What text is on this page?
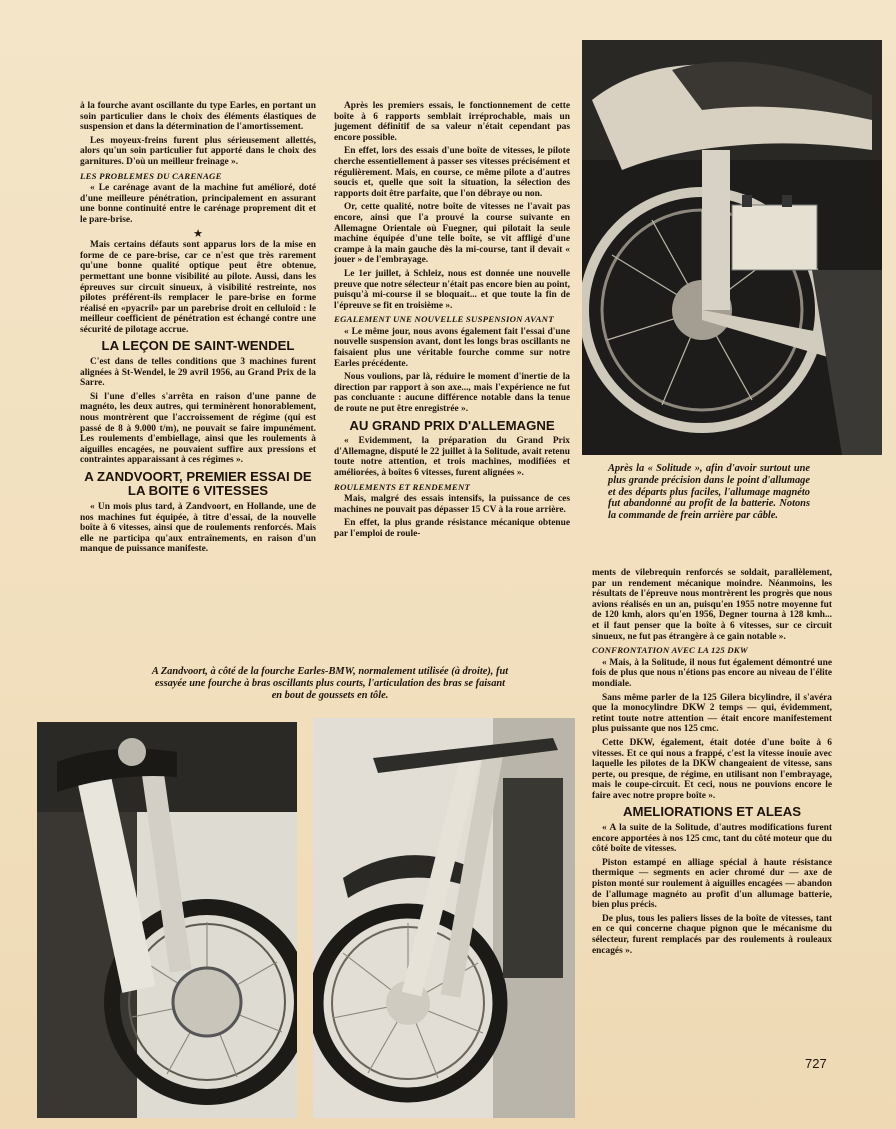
à la fourche avant oscillante du type Earles, en portant un soin particulier dans le choix des éléments élastiques de suspension et dans la détermination de l'amortissement.

Les moyeux-freins furent plus sérieusement allettés, alors qu'un soin particulier fut apporté dans le choix des garnitures. D'où un meilleur freinage ».

LES PROBLEMES DU CARENAGE

« Le carénage avant de la machine fut amélioré, doté d'une meilleure pénétration, principalement en assurant une bonne continuité entre le carénage proprement dit et le pare-brise.

★

Mais certains défauts sont apparus lors de la mise en forme de ce pare-brise, car ce n'est que très rarement qu'une bonne qualité optique peut être obtenue, permettant une bonne visibilité au pilote. Aussi, dans les épreuves sur circuit sinueux, à visibilité restreinte, nos pilotes préférent-ils remplacer le pare-brise en forme réalisé en «pyacril» par un parebrise droit en celluloïd : le meilleur coefficient de pénétration est échangé contre une sécurité de pilotage accrue.

LA LEÇON DE SAINT-WENDEL

C'est dans de telles conditions que 3 machines furent alignées à St-Wendel, le 29 avril 1956, au Grand Prix de la Sarre.

Si l'une d'elles s'arrêta en raison d'une panne de magnéto, les deux autres, qui terminèrent honorablement, nous montrèrent que l'accroissement de régime (qui est passé de 8 à 9.000 t/m), ne pouvait se faire impunément. Les roulements d'embiellage, ainsi que les roulements à aiguilles encagées, ne pouvaient suffire aux pressions et contraintes apparaissant à ces régimes ».

A ZANDVOORT, PREMIER ESSAI DE LA BOITE 6 VITESSES

« Un mois plus tard, à Zandvoort, en Hollande, une de nos machines fut équipée, à titre d'essai, de la nouvelle boîte à 6 vitesses, ainsi que de roulements renforcés. Mais elle ne participa qu'aux entraînements, en raison d'un manque de puissance manifeste.

Après les premiers essais, le fonctionnement de cette boîte à 6 rapports semblait irréprochable, mais un jugement définitif de sa valeur n'était cependant pas encore possible.

En effet, lors des essais d'une boîte de vitesses, le pilote cherche essentiellement à passer ses vitesses précisément et régulièrement. Mais, en course, ce même pilote a d'autres soucis et, quelle que soit la situation, la sélection des rapports doit être parfaite, que l'on débraye ou non.

Or, cette qualité, notre boîte de vitesses ne l'avait pas encore, ainsi que l'a prouvé la course suivante en Allemagne Orientale où Fuegner, qui pilotait la seule machine équipée d'une telle boîte, se vit affligé d'une crampe à la main gauche dès la mi-course, tant il devait « jouer » de l'embrayage.

Le 1er juillet, à Schleiz, nous est donnée une nouvelle preuve que notre sélecteur n'était pas encore bien au point, puisqu'à mi-course il se bloquait... et que toute la fin de l'épreuve se fit en troisième ».

EGALEMENT UNE NOUVELLE SUSPENSION AVANT

« Le même jour, nous avons également fait l'essai d'une nouvelle suspension avant, dont les longs bras oscillants ne faisaient plus une véritable fourche comme sur notre Earles précédente.

Nous voulions, par là, réduire le moment d'inertie de la direction par rapport à son axe..., mais l'expérience ne fut pas concluante : aucune différence notable dans la tenue de route ne put être enregistrée ».

AU GRAND PRIX D'ALLEMAGNE

« Evidemment, la préparation du Grand Prix d'Allemagne, disputé le 22 juillet à la Solitude, avait retenu toute notre attention, et trois machines, modifiées et améliorées, à boîtes 6 vitesses, furent alignées ».

ROULEMENTS ET RENDEMENT

Mais, malgré des essais intensifs, la puissance de ces machines ne pouvait pas dépasser 15 CV à la roue arrière.

En effet, la plus grande résistance mécanique obtenue par l'emploi de roule-

Après la « Solitude », afin d'avoir surtout une plus grande précision dans le point d'allumage et des départs plus faciles, l'allumage magnéto fut abandonné au profit de la batterie. Notons la commande de frein arrière par câble.

ments de vilebrequin renforcés se soldait, parallèlement, par un rendement mécanique moindre. Néanmoins, les résultats de l'épreuve nous montrèrent les progrès que nous avions réalisés en un an, puisqu'en 1955 notre moyenne fut de 120 kmh, alors qu'en 1956, Degner tourna à 128 kmh... et il faut penser que la boîte à 6 vitesses, sur ce circuit sinueux, ne fut pas étrangère à ce gain notable ».

CONFRONTATION AVEC LA 125 DKW

« Mais, à la Solitude, il nous fut également démontré une fois de plus que nous n'étions pas encore au niveau de l'élite mondiale.

Sans même parler de la 125 Gilera bicylindre, il s'avéra que la monocylindre DKW 2 temps — qui, évidemment, retint toute notre attention — était encore manifestement plus puissante que nos 125 cmc.

Cette DKW, également, était dotée d'une boîte à 6 vitesses. Et ce qui nous a frappé, c'est la vitesse inouïe avec laquelle les pilotes de la DKW changeaient de vitesse, sans perte, ou presque, de régime, en utilisant non l'embrayage, mais le coupe-circuit. Et ceci, nous ne pouvions encore le faire avec notre propre boîte ».

AMELIORATIONS ET ALEAS

« A la suite de la Solitude, d'autres modifications furent encore apportées à nos 125 cmc, tant du côté moteur que du côté boîte de vitesses.

Piston estampé en alliage spécial à haute résistance thermique — segments en acier chromé dur — axe de piston monté sur roulement à aiguilles encagées — abandon de l'allumage magnéto au profit d'un allumage batterie, bien plus précis.

De plus, tous les paliers lisses de la boîte de vitesses, tant en ce qui concerne chaque pignon que le mécanisme du sélecteur, furent remplacés par des roulements à rouleaux encagés ».

A Zandvoort, à côté de la fourche Earles-BMW, normalement utilisée (à droite), fut essayée une fourche à bras oscillants plus courts, l'articulation des bras se faisant en bout de goussets en tôle.
727
